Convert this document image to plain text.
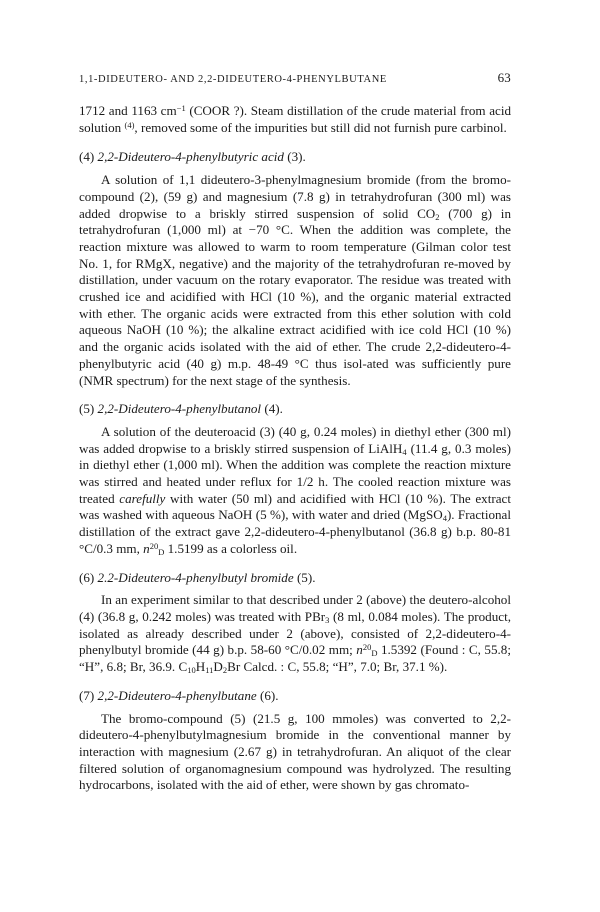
1,1-DIDEUTERO- AND 2,2-DIDEUTERO-4-PHENYLBUTANE	63

1712 and 1163 $cm^{-1}$ (COOR ?). Steam distillation of the crude material from acid solution $^{(4)}$, removed some of the impurities but still did not furnish pure carbinol.

(4) 2,2-Dideutero-4-phenylbutyric acid (3).

A solution of 1,1 dideutero-3-phenylmagnesium bromide (from the bromo-compound (2), (59 g) and magnesium (7.8 g) in tetrahydrofuran (300 ml) was added dropwise to a briskly stirred suspension of solid $CO_2$ (700 g) in tetrahydrofuran (1,000 ml) at −70 °C. When the addition was complete, the reaction mixture was allowed to warm to room temperature (Gilman color test No. 1, for RMgX, negative) and the majority of the tetrahydrofuran re-moved by distillation, under vacuum on the rotary evaporator. The residue was treated with crushed ice and acidified with HCl (10 %), and the organic material extracted with ether. The organic acids were extracted from this ether solution with cold aqueous NaOH (10 %); the alkaline extract acidified with ice cold HCl (10 %) and the organic acids isolated with the aid of ether. The crude 2,2-dideutero-4-phenylbutyric acid (40 g) m.p. 48-49 °C thus isol-ated was sufficiently pure (NMR spectrum) for the next stage of the synthesis.

(5) 2,2-Dideutero-4-phenylbutanol (4).

A solution of the deuteroacid (3) (40 g, 0.24 moles) in diethyl ether (300 ml) was added dropwise to a briskly stirred suspension of LiAlH$_4$ (11.4 g, 0.3 moles) in diethyl ether (1,000 ml). When the addition was complete the reaction mixture was stirred and heated under reflux for 1/2 h. The cooled reaction mixture was treated carefully with water (50 ml) and acidified with HCl (10 %). The extract was washed with aqueous NaOH (5 %), with water and dried (MgSO$_4$). Fractional distillation of the extract gave 2,2-dideutero-4-phenylbutanol (36.8 g) b.p. 80-81 °C/0.3 mm, $n^{20}_D$ 1.5199 as a colorless oil.

(6) 2.2-Dideutero-4-phenylbutyl bromide (5).

In an experiment similar to that described under 2 (above) the deutero-alcohol (4) (36.8 g, 0.242 moles) was treated with PBr$_3$ (8 ml, 0.084 moles). The product, isolated as already described under 2 (above), consisted of 2,2-dideutero-4-phenylbutyl bromide (44 g) b.p. 58-60 °C/0.02 mm; $n^{20}_D$ 1.5392 (Found : C, 55.8; “H”, 6.8; Br, 36.9. $C_{10}H_{11}D_2Br$ Calcd. : C, 55.8; “H”, 7.0; Br, 37.1 %).

(7) 2,2-Dideutero-4-phenylbutane (6).

The bromo-compound (5) (21.5 g, 100 mmoles) was converted to 2,2-dideutero-4-phenylbutylmagnesium bromide in the conventional manner by interaction with magnesium (2.67 g) in tetrahydrofuran. An aliquot of the clear filtered solution of organomagnesium compound was hydrolyzed. The resulting hydrocarbons, isolated with the aid of ether, were shown by gas chromato-
